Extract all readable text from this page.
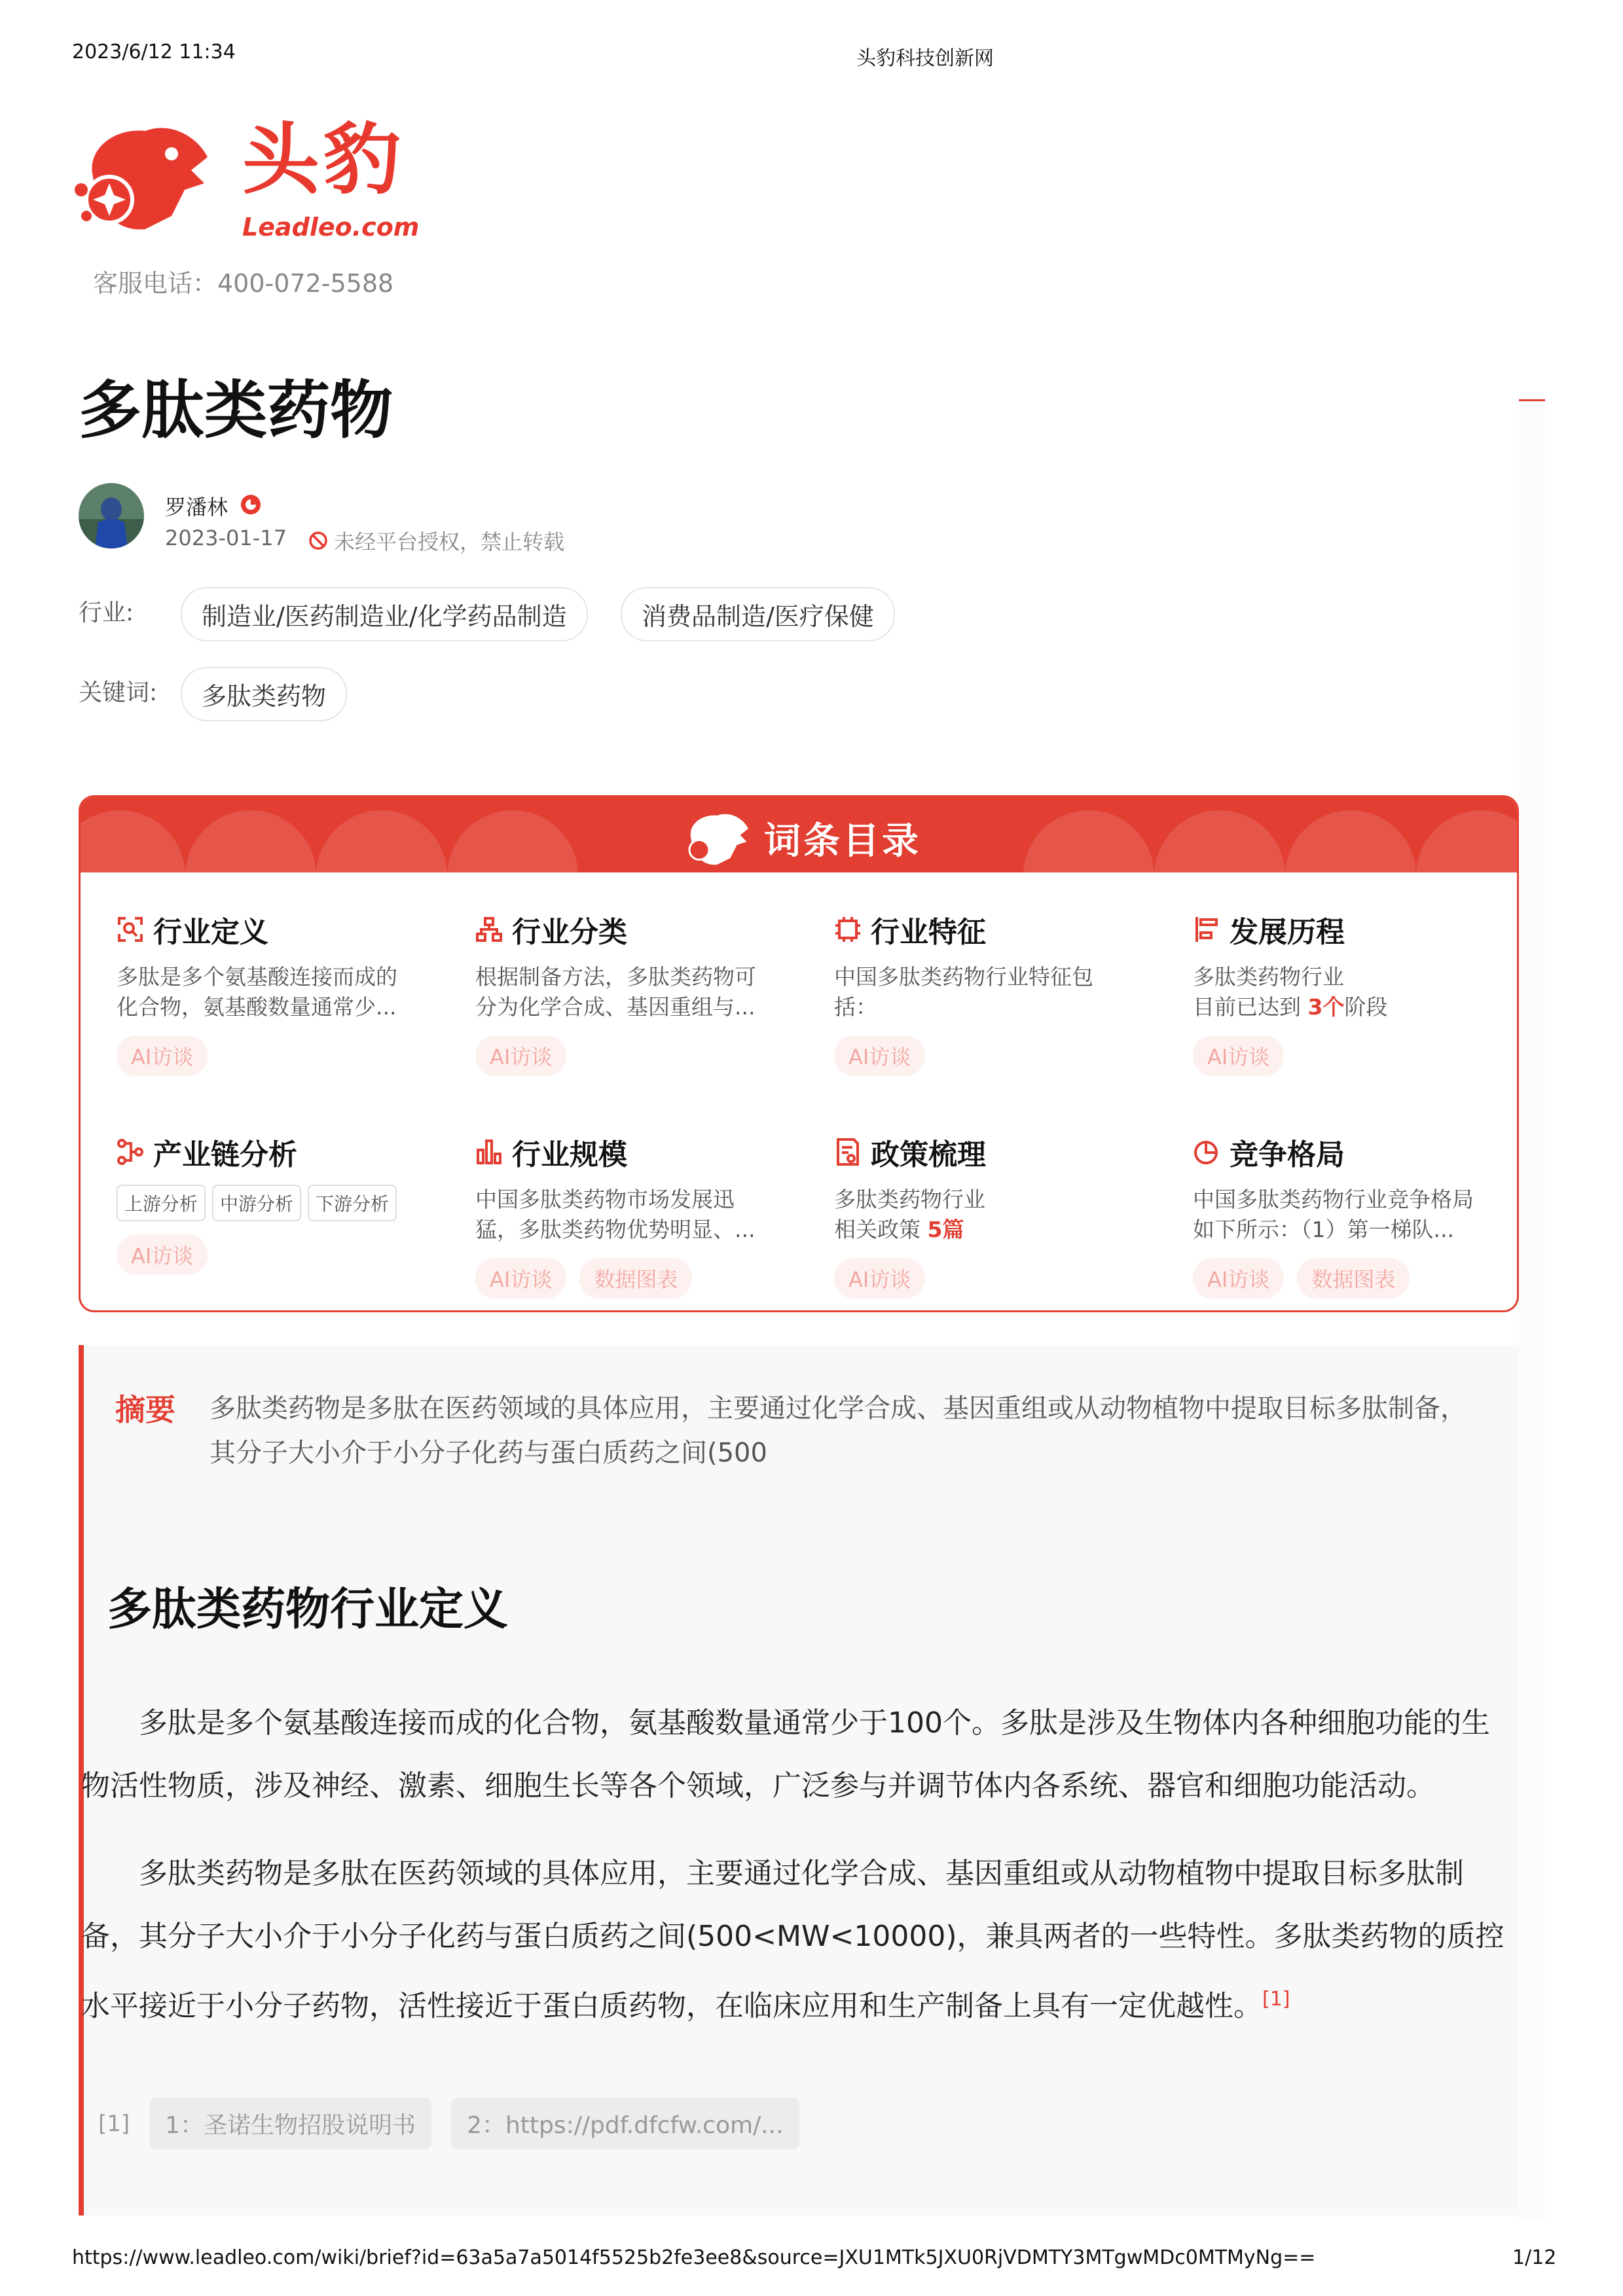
2023/6/12 11:34	头豹科技创新网
头豹
Leadleo.com
客服电话：400-072-5588
多肽类药物
罗潘林
2023-01-17 未经平台授权，禁止转载
行业:	制造业/医药制造业/化学药品制造	消费品制造/医疗保健
关键词:	多肽类药物
词条目录
行业定义
多肽是多个氨基酸连接而成的
化合物，氨基酸数量通常少...
AI访谈
行业分类
根据制备方法，多肽类药物可
分为化学合成、基因重组与...
AI访谈
行业特征
中国多肽类药物行业特征包
括：
AI访谈
发展历程
多肽类药物行业
目前已达到 3个阶段
AI访谈
产业链分析
上游分析	中游分析	下游分析
AI访谈
行业规模
中国多肽类药物市场发展迅
猛，多肽类药物优势明显、...
AI访谈	数据图表
政策梳理
多肽类药物行业
相关政策 5篇
AI访谈
竞争格局
中国多肽类药物行业竞争格局
如下所示：（1）第一梯队...
AI访谈	数据图表
摘要 多肽类药物是多肽在医药领域的具体应用，主要通过化学合成、基因重组或从动物植物中提取目标多肽制备，其分子大小介于小分子化药与蛋白质药之间(500
多肽类药物行业定义
多肽是多个氨基酸连接而成的化合物，氨基酸数量通常少于100个。多肽是涉及生物体内各种细胞功能的生物活性物质，涉及神经、激素、细胞生长等各个领域，广泛参与并调节体内各系统、器官和细胞功能活动。
多肽类药物是多肽在医药领域的具体应用，主要通过化学合成、基因重组或从动物植物中提取目标多肽制备，其分子大小介于小分子化药与蛋白质药之间(500<MW<10000)，兼具两者的一些特性。多肽类药物的质控水平接近于小分子药物，活性接近于蛋白质药物，在临床应用和生产制备上具有一定优越性。[1]
[1]	1：圣诺生物招股说明书	2：https://pdf.dfcfw.com/...
https://www.leadleo.com/wiki/brief?id=63a5a7a5014f5525b2fe3ee8&source=JXU1MTk5JXU0RjVDMTY3MTgwMDc0MTMyNg==	1/12
